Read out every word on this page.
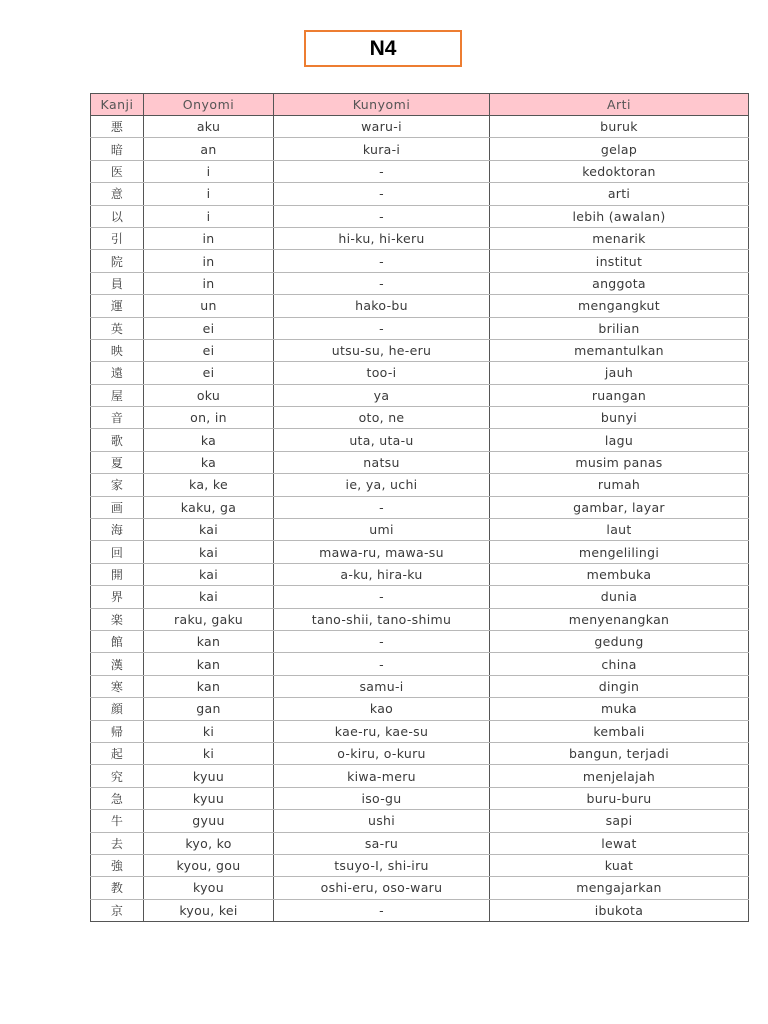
N4
Kanji	Onyomi	Kunyomi	Arti
悪	aku	waru-i	buruk
暗	an	kura-i	gelap
医	i	-	kedoktoran
意	i	-	arti
以	i	-	lebih (awalan)
引	in	hi-ku, hi-keru	menarik
院	in	-	institut
員	in	-	anggota
運	un	hako-bu	mengangkut
英	ei	-	brilian
映	ei	utsu-su, he-eru	memantulkan
遠	ei	too-i	jauh
屋	oku	ya	ruangan
音	on, in	oto, ne	bunyi
歌	ka	uta, uta-u	lagu
夏	ka	natsu	musim panas
家	ka, ke	ie, ya, uchi	rumah
画	kaku, ga	-	gambar, layar
海	kai	umi	laut
回	kai	mawa-ru, mawa-su	mengelilingi
開	kai	a-ku, hira-ku	membuka
界	kai	-	dunia
楽	raku, gaku	tano-shii, tano-shimu	menyenangkan
館	kan	-	gedung
漢	kan	-	china
寒	kan	samu-i	dingin
顔	gan	kao	muka
帰	ki	kae-ru, kae-su	kembali
起	ki	o-kiru, o-kuru	bangun, terjadi
究	kyuu	kiwa-meru	menjelajah
急	kyuu	iso-gu	buru-buru
牛	gyuu	ushi	sapi
去	kyo, ko	sa-ru	lewat
強	kyou, gou	tsuyo-I, shi-iru	kuat
教	kyou	oshi-eru, oso-waru	mengajarkan
京	kyou, kei	-	ibukota
